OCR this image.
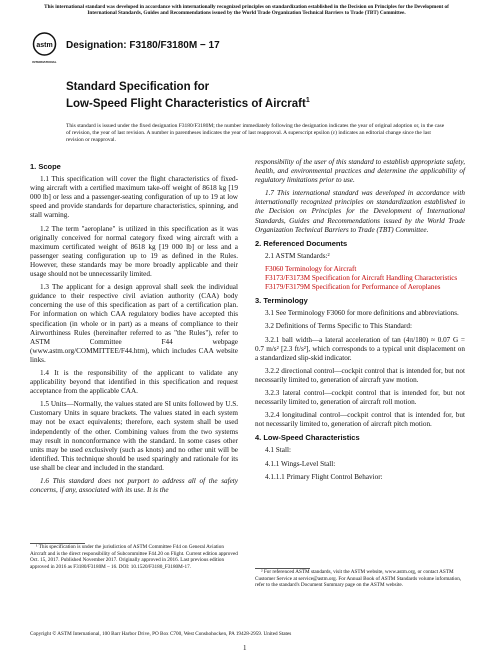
This international standard was developed in accordance with internationally recognized principles on standardization established in the Decision on Principles for the Development of International Standards, Guides and Recommendations issued by the World Trade Organization Technical Barriers to Trade (TBT) Committee.
astm
INTERNATIONAL
Designation: F3180/F3180M − 17
Standard Specification for
Low-Speed Flight Characteristics of Aircraft$^1$
This standard is issued under the fixed designation F3180/F3180M; the number immediately following the designation indicates the year of original adoption or, in the case of revision, the year of last revision. A number in parentheses indicates the year of last reapproval. A superscript epsilon (ε) indicates an editorial change since the last revision or reapproval.
1. Scope

1.1 This specification will cover the flight characteristics of fixed-wing aircraft with a certified maximum take-off weight of 8618 kg [19 000 lb] or less and a passenger-seating configuration of up to 19 at low speed and provide standards for departure characteristics, spinning, and stall warning.

1.2 The term "aeroplane" is utilized in this specification as it was originally conceived for normal category fixed wing aircraft with a maximum certificated weight of 8618 kg [19 000 lb] or less and a passenger seating configuration up to 19 as defined in the Rules. However, these standards may be more broadly applicable and their usage should not be unnecessarily limited.

1.3 The applicant for a design approval shall seek the individual guidance to their respective civil aviation authority (CAA) body concerning the use of this specification as part of a certification plan. For information on which CAA regulatory bodies have accepted this specification (in whole or in part) as a means of compliance to their Airworthiness Rules (hereinafter referred to as "the Rules"), refer to ASTM Committee F44 webpage (www.astm.org/COMMITTEE/F44.htm), which includes CAA website links.

1.4 It is the responsibility of the applicant to validate any applicability beyond that identified in this specification and request acceptance from the applicable CAA.

1.5 Units—Normally, the values stated are SI units followed by U.S. Customary Units in square brackets. The values stated in each system may not be exact equivalents; therefore, each system shall be used independently of the other. Combining values from the two systems may result in nonconformance with the standard. In some cases other units may be used exclusively (such as knots) and no other unit will be identified. This technique should be used sparingly and rationale for its use shall be clear and included in the standard.

1.6 This standard does not purport to address all of the safety concerns, if any, associated with its use. It is the

responsibility of the user of this standard to establish appropriate safety, health, and environmental practices and determine the applicability of regulatory limitations prior to use.

1.7 This international standard was developed in accordance with internationally recognized principles on standardization established in the Decision on Principles for the Development of International Standards, Guides and Recommendations issued by the World Trade Organization Technical Barriers to Trade (TBT) Committee.

2. Referenced Documents

2.1 ASTM Standards:²

F3060 Terminology for Aircraft
F3173/F3173M Specification for Aircraft Handling Characteristics
F3179/F3179M Specification for Performance of Aeroplanes
3. Terminology

3.1 See Terminology F3060 for more definitions and abbreviations.

3.2 Definitions of Terms Specific to This Standard:

3.2.1 ball width—a lateral acceleration of tan (4π/180) ≈ 0.07 G = 0.7 m/s² [2.3 ft/s²], which corresponds to a typical unit displacement on a standardized slip-skid indicator.

3.2.2 directional control—cockpit control that is intended for, but not necessarily limited to, generation of aircraft yaw motion.

3.2.3 lateral control—cockpit control that is intended for, but not necessarily limited to, generation of aircraft roll motion.

3.2.4 longitudinal control—cockpit control that is intended for, but not necessarily limited to, generation of aircraft pitch motion.

4. Low-Speed Characteristics

4.1 Stall:

4.1.1 Wings-Level Stall:

4.1.1.1 Primary Flight Control Behavior:

¹ This specification is under the jurisdiction of ASTM Committee F44 on General Aviation Aircraft and is the direct responsibility of Subcommittee F44.20 on Flight. Current edition approved Oct. 15, 2017. Published November 2017. Originally approved in 2016. Last previous edition approved in 2016 as F3180/F3180M – 16. DOI: 10.1520/F3180_F3180M-17.

² For referenced ASTM standards, visit the ASTM website, www.astm.org, or contact ASTM Customer Service at service@astm.org. For Annual Book of ASTM Standards volume information, refer to the standard's Document Summary page on the ASTM website.

Copyright © ASTM International, 100 Barr Harbor Drive, PO Box C700, West Conshohocken, PA 19428-2959. United States
1
